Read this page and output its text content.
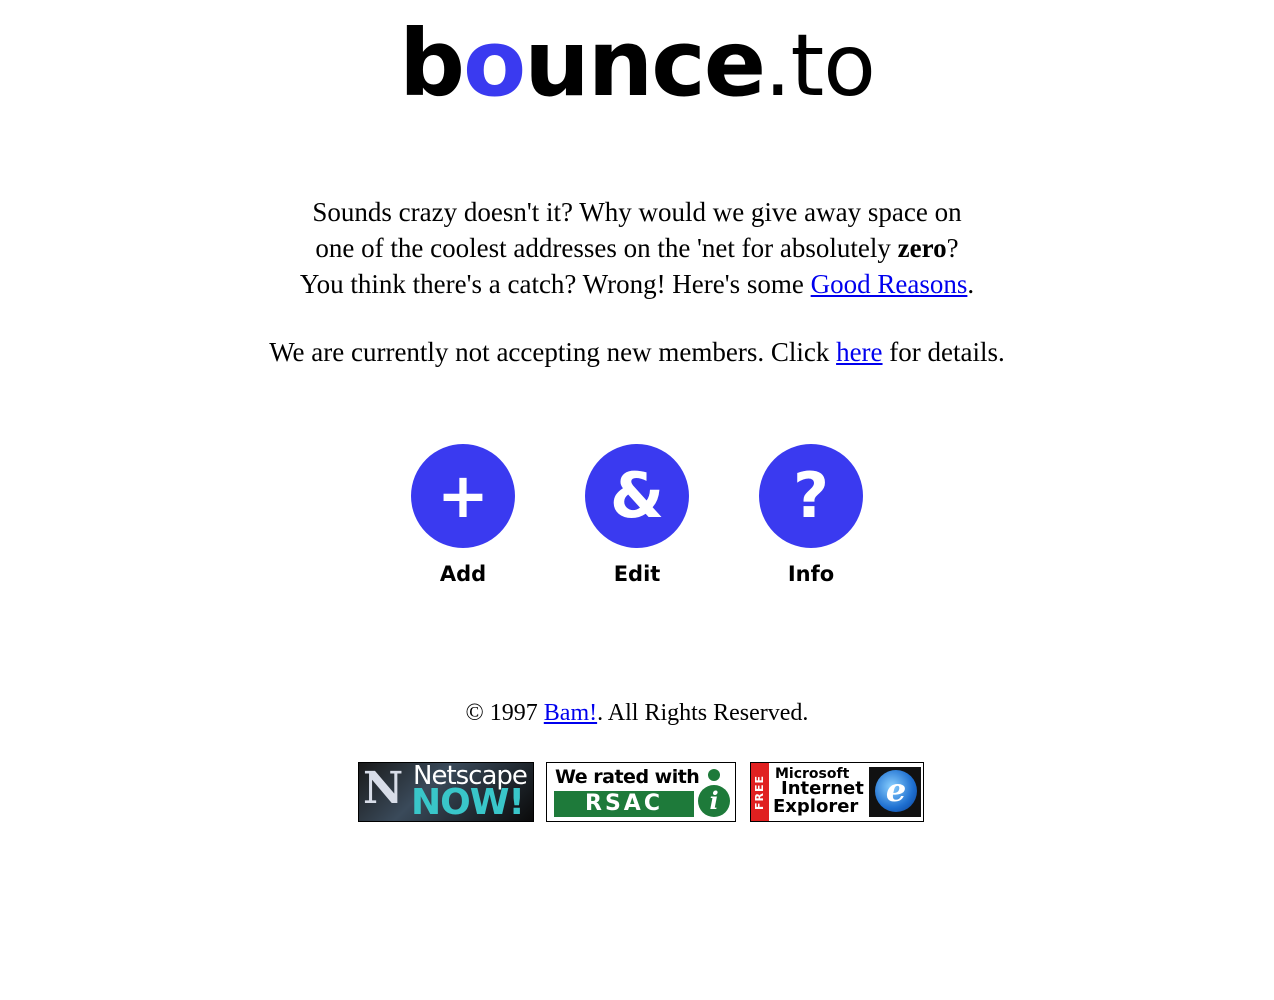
bounce.to
Sounds crazy doesn't it? Why would we give away space on
one of the coolest addresses on the 'net for absolutely zero?
You think there's a catch? Wrong! Here's some Good Reasons.
We are currently not accepting new members. Click here for details.
+
Add
&
Edit
?
Info
© 1997 Bam!. All Rights Reserved.
N Netscape
NOW!
We rated with
RSAC	i	FREE
Microsoft
Internet
Explorer e
